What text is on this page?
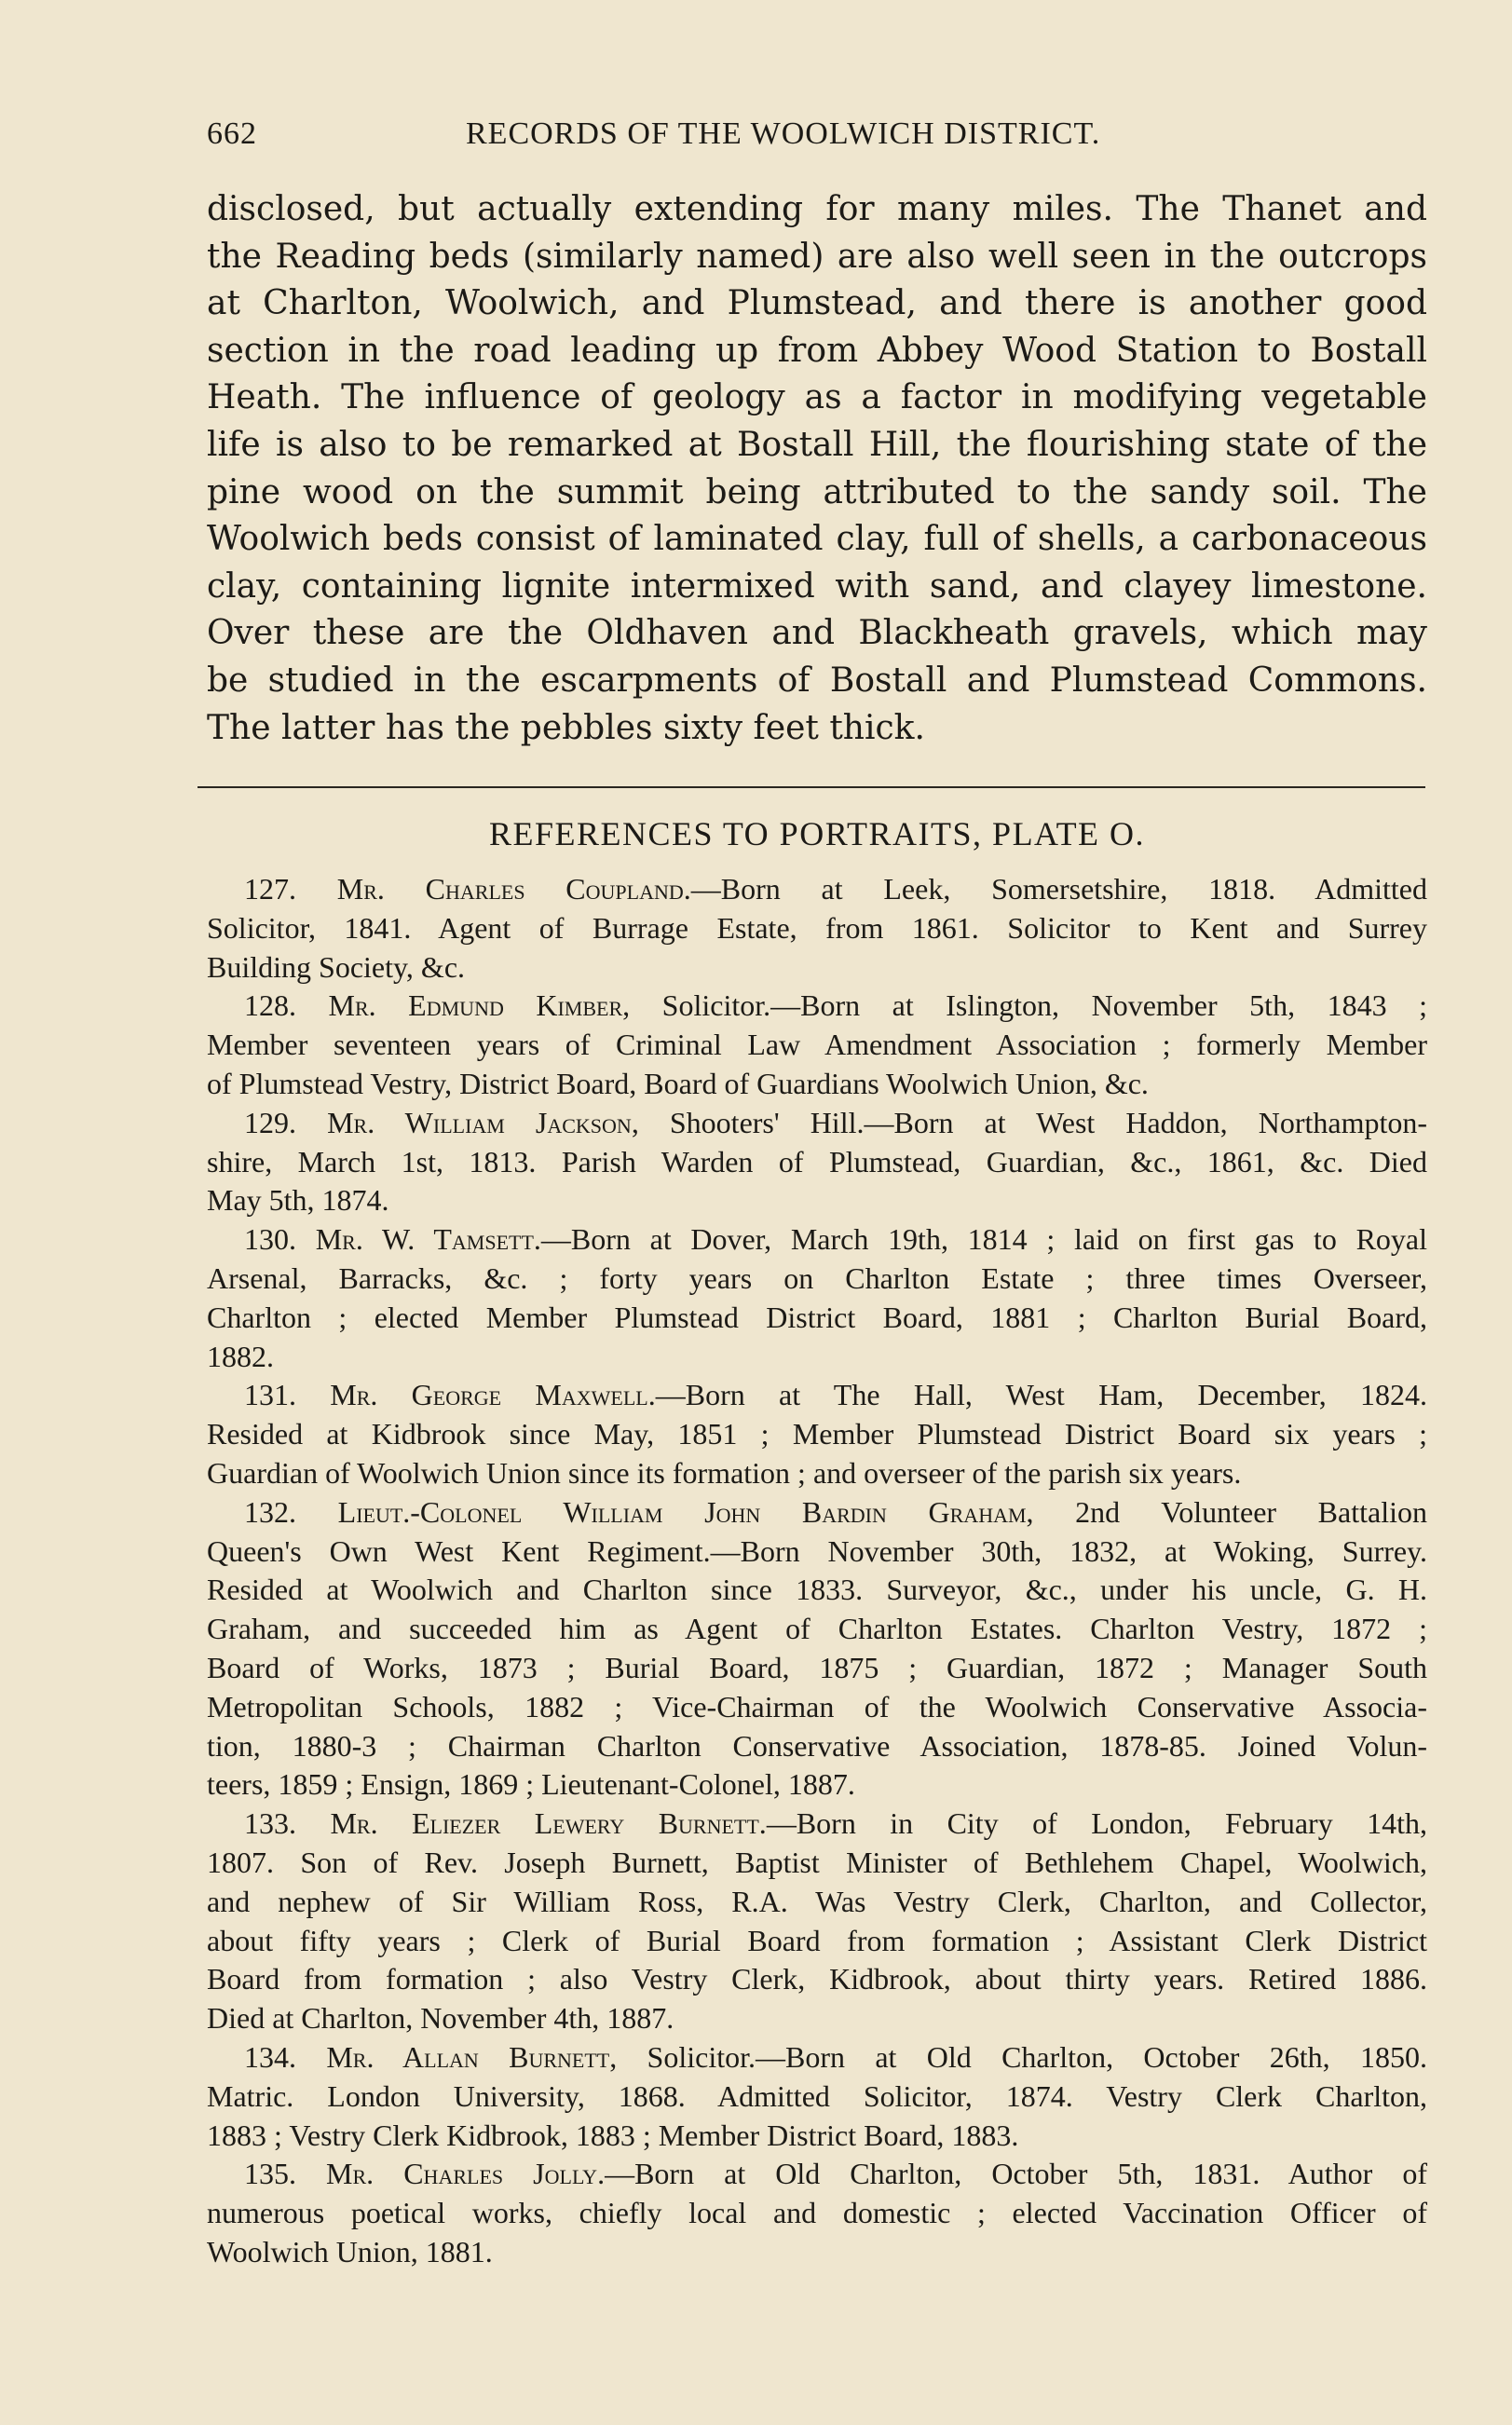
662	RECORDS OF THE WOOLWICH DISTRICT.
disclosed, but actually extending for many miles. The Thanet and
the Reading beds (similarly named) are also well seen in the outcrops
at Charlton, Woolwich, and Plumstead, and there is another good
section in the road leading up from Abbey Wood Station to Bostall
Heath. The influence of geology as a factor in modifying vegetable
life is also to be remarked at Bostall Hill, the flourishing state of the
pine wood on the summit being attributed to the sandy soil. The
Woolwich beds consist of laminated clay, full of shells, a carbonaceous
clay, containing lignite intermixed with sand, and clayey limestone.
Over these are the Oldhaven and Blackheath gravels, which may
be studied in the escarpments of Bostall and Plumstead Commons.
The latter has the pebbles sixty feet thick.
REFERENCES TO PORTRAITS, PLATE O.
127. Mr. Charles Coupland.—Born at Leek, Somersetshire, 1818. Admitted
Solicitor, 1841. Agent of Burrage Estate, from 1861. Solicitor to Kent and Surrey
Building Society, &c.
128. Mr. Edmund Kimber, Solicitor.—Born at Islington, November 5th, 1843 ;
Member seventeen years of Criminal Law Amendment Association ; formerly Member
of Plumstead Vestry, District Board, Board of Guardians Woolwich Union, &c.
129. Mr. William Jackson, Shooters' Hill.—Born at West Haddon, Northampton-
shire, March 1st, 1813. Parish Warden of Plumstead, Guardian, &c., 1861, &c. Died
May 5th, 1874.
130. Mr. W. Tamsett.—Born at Dover, March 19th, 1814 ; laid on first gas to Royal
Arsenal, Barracks, &c. ; forty years on Charlton Estate ; three times Overseer,
Charlton ; elected Member Plumstead District Board, 1881 ; Charlton Burial Board,
1882.
131. Mr. George Maxwell.—Born at The Hall, West Ham, December, 1824.
Resided at Kidbrook since May, 1851 ; Member Plumstead District Board six years ;
Guardian of Woolwich Union since its formation ; and overseer of the parish six years.
132. Lieut.-Colonel William John Bardin Graham, 2nd Volunteer Battalion
Queen's Own West Kent Regiment.—Born November 30th, 1832, at Woking, Surrey.
Resided at Woolwich and Charlton since 1833. Surveyor, &c., under his uncle, G. H.
Graham, and succeeded him as Agent of Charlton Estates. Charlton Vestry, 1872 ;
Board of Works, 1873 ; Burial Board, 1875 ; Guardian, 1872 ; Manager South
Metropolitan Schools, 1882 ; Vice-Chairman of the Woolwich Conservative Associa-
tion, 1880-3 ; Chairman Charlton Conservative Association, 1878-85. Joined Volun-
teers, 1859 ; Ensign, 1869 ; Lieutenant-Colonel, 1887.
133. Mr. Eliezer Lewery Burnett.—Born in City of London, February 14th,
1807. Son of Rev. Joseph Burnett, Baptist Minister of Bethlehem Chapel, Woolwich,
and nephew of Sir William Ross, R.A. Was Vestry Clerk, Charlton, and Collector,
about fifty years ; Clerk of Burial Board from formation ; Assistant Clerk District
Board from formation ; also Vestry Clerk, Kidbrook, about thirty years. Retired 1886.
Died at Charlton, November 4th, 1887.
134. Mr. Allan Burnett, Solicitor.—Born at Old Charlton, October 26th, 1850.
Matric. London University, 1868. Admitted Solicitor, 1874. Vestry Clerk Charlton,
1883 ; Vestry Clerk Kidbrook, 1883 ; Member District Board, 1883.
135. Mr. Charles Jolly.—Born at Old Charlton, October 5th, 1831. Author of
numerous poetical works, chiefly local and domestic ; elected Vaccination Officer of
Woolwich Union, 1881.
